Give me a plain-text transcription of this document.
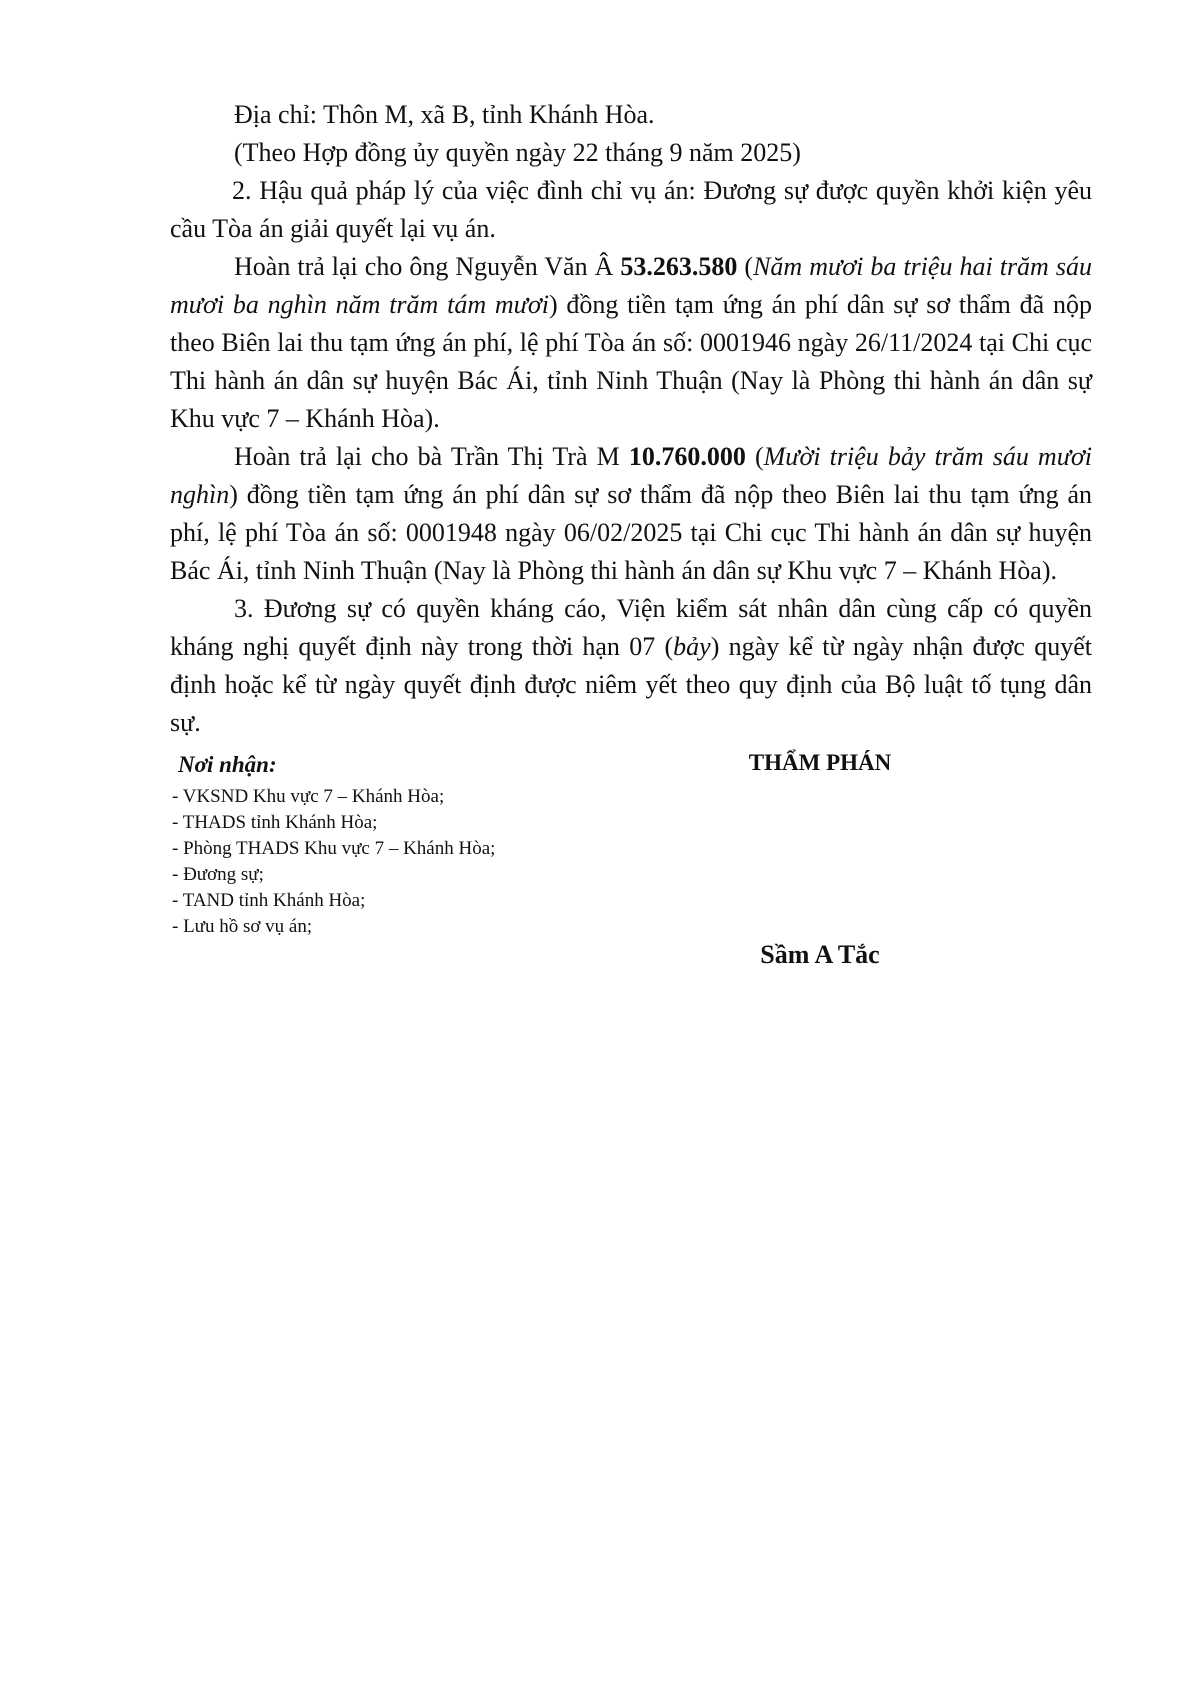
Địa chỉ: Thôn M, xã B, tỉnh Khánh Hòa.

(Theo Hợp đồng ủy quyền ngày 22 tháng 9 năm 2025)

2. Hậu quả pháp lý của việc đình chỉ vụ án: Đương sự được quyền khởi kiện yêu cầu Tòa án giải quyết lại vụ án.

Hoàn trả lại cho ông Nguyễn Văn Â 53.263.580 (Năm mươi ba triệu hai trăm sáu mươi ba nghìn năm trăm tám mươi) đồng tiền tạm ứng án phí dân sự sơ thẩm đã nộp theo Biên lai thu tạm ứng án phí, lệ phí Tòa án số: 0001946 ngày 26/11/2024 tại Chi cục Thi hành án dân sự huyện Bác Ái, tỉnh Ninh Thuận (Nay là Phòng thi hành án dân sự Khu vực 7 – Khánh Hòa).

Hoàn trả lại cho bà Trần Thị Trà M 10.760.000 (Mười triệu bảy trăm sáu mươi nghìn) đồng tiền tạm ứng án phí dân sự sơ thẩm đã nộp theo Biên lai thu tạm ứng án phí, lệ phí Tòa án số: 0001948 ngày 06/02/2025 tại Chi cục Thi hành án dân sự huyện Bác Ái, tỉnh Ninh Thuận (Nay là Phòng thi hành án dân sự Khu vực 7 – Khánh Hòa).

3. Đương sự có quyền kháng cáo, Viện kiểm sát nhân dân cùng cấp có quyền kháng nghị quyết định này trong thời hạn 07 (bảy) ngày kể từ ngày nhận được quyết định hoặc kể từ ngày quyết định được niêm yết theo quy định của Bộ luật tố tụng dân sự.

Nơi nhận:
- VKSND Khu vực 7 – Khánh Hòa;
- THADS tỉnh Khánh Hòa;
- Phòng THADS Khu vực 7 – Khánh Hòa;
- Đương sự;
- TAND tỉnh Khánh Hòa;
- Lưu hồ sơ vụ án;
THẨM PHÁN
Sầm A Tắc
